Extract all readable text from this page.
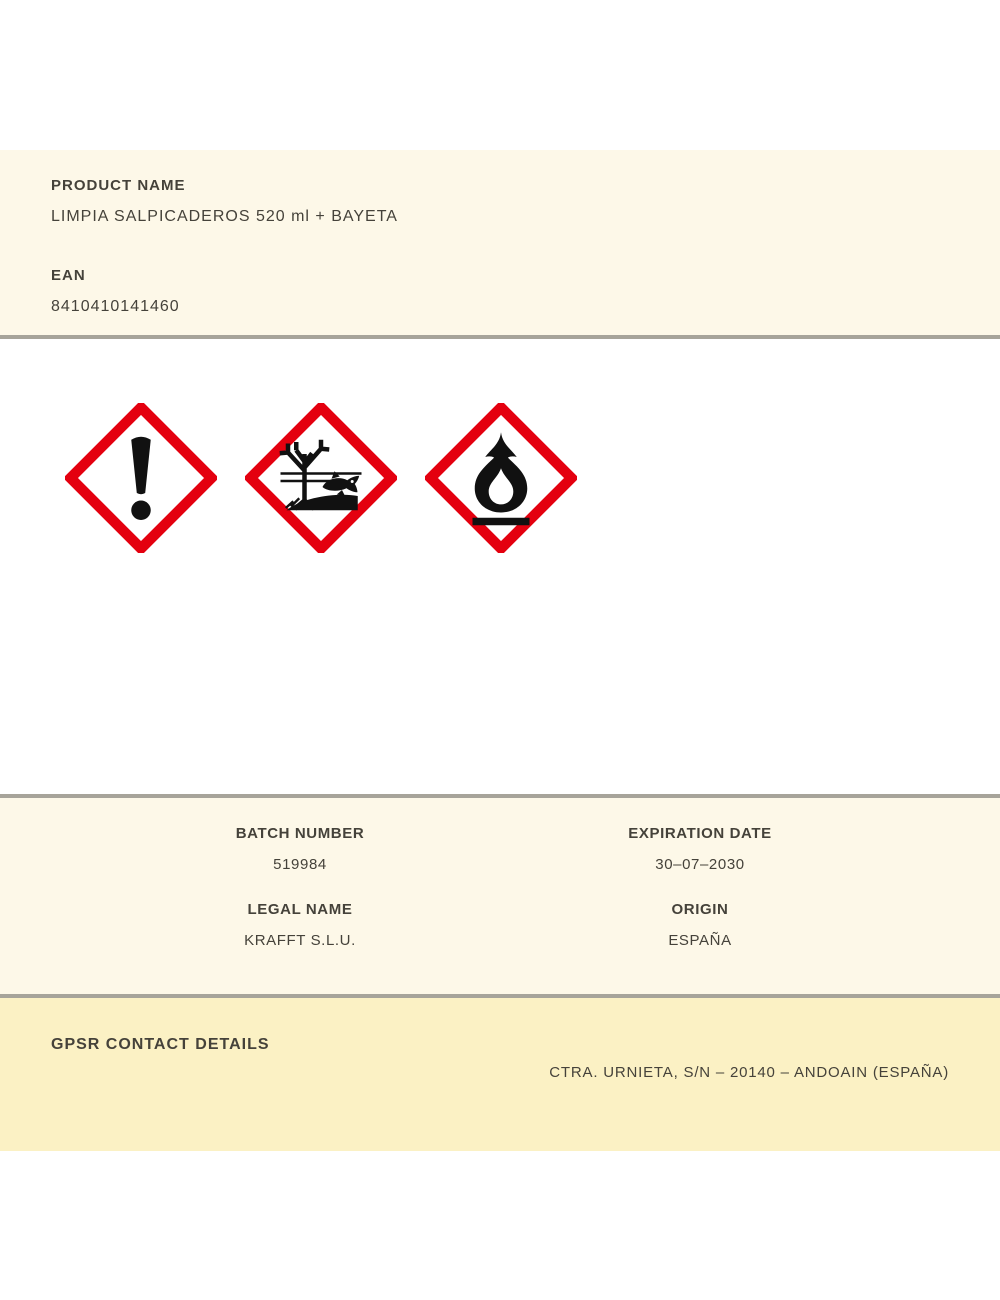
PRODUCT NAME

LIMPIA SALPICADEROS 520 ml + BAYETA

EAN

8410410141460

BATCH NUMBER

519984

EXPIRATION DATE

30–07–2030

LEGAL NAME

KRAFFT S.L.U.

ORIGIN

ESPAÑA

GPSR CONTACT DETAILS

CTRA. URNIETA, S/N – 20140 – ANDOAIN (ESPAÑA)
